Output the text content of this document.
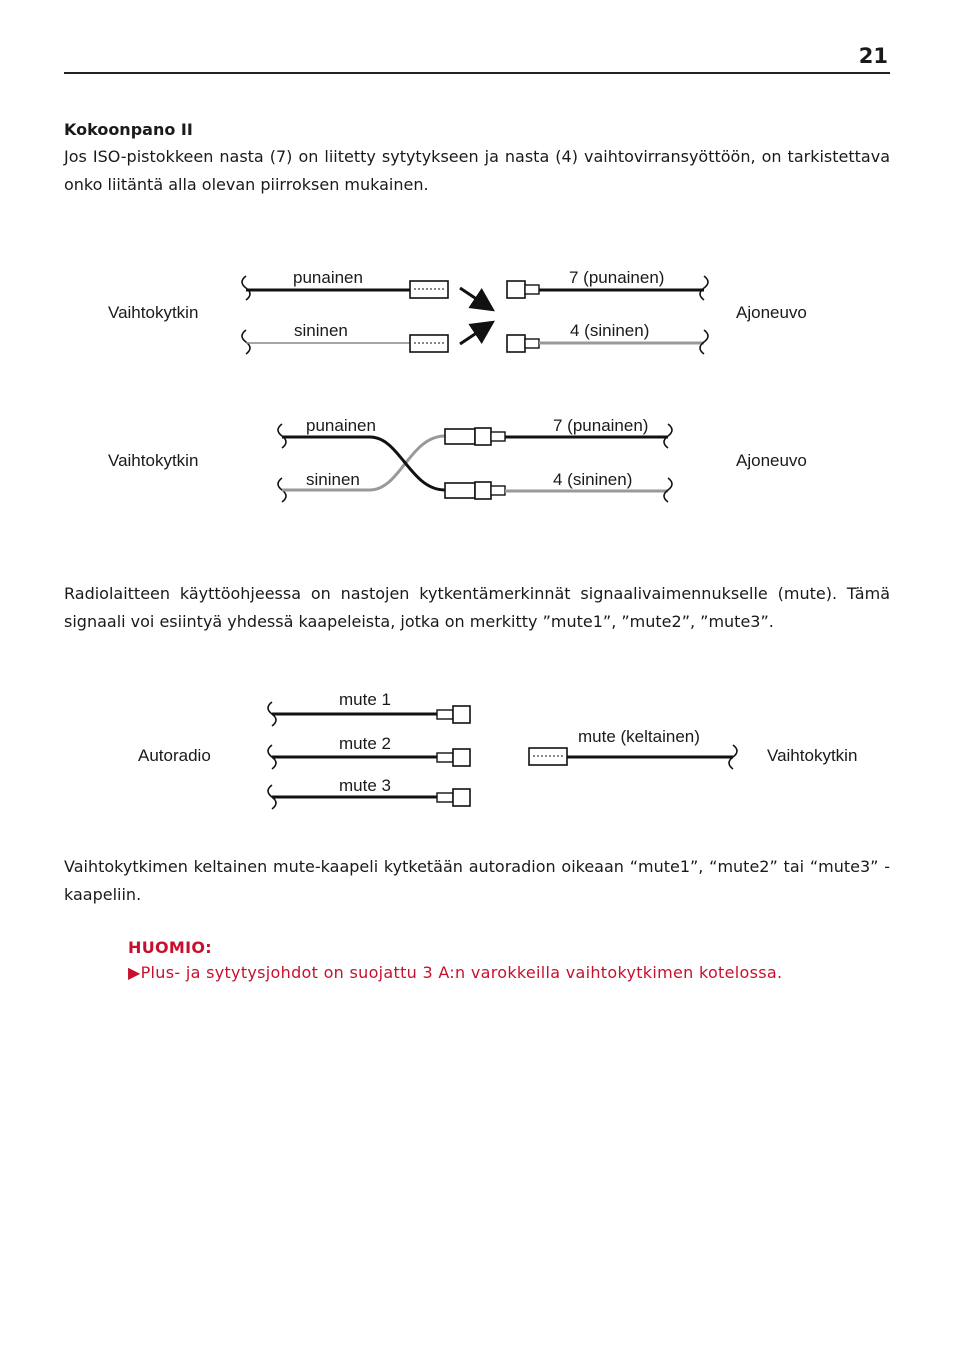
21
Kokoonpano II
Jos ISO-pistokkeen nasta (7) on liitetty sytytykseen ja nasta (4) vaihtovirransyöttöön, on tarkistettava onko liitäntä alla olevan piirroksen mukainen.
Vaihtokytkin	Ajoneuvo
punainen
sininen
7 (punainen)
4 (sininen)
Vaihtokytkin	Ajoneuvo
punainen
sininen
7 (punainen)
4 (sininen)
Radiolaitteen käyttöohjeessa on nastojen kytkentämerkinnät signaalivaimennukselle (mute). Tämä signaali voi esiintyä yhdessä kaapeleista, jotka on merkitty ”mute1”, ”mute2”, ”mute3”.
Autoradio	Vaihtokytkin
mute 1
mute 2
mute 3
mute (keltainen)
Vaihtokytkimen keltainen mute-kaapeli kytketään autoradion oikeaan “mute1”, “mute2” tai “mute3” -kaapeliin.
HUOMIO:
▶Plus- ja sytytysjohdot on suojattu 3 A:n varokkeilla vaihtokytkimen kotelossa.
